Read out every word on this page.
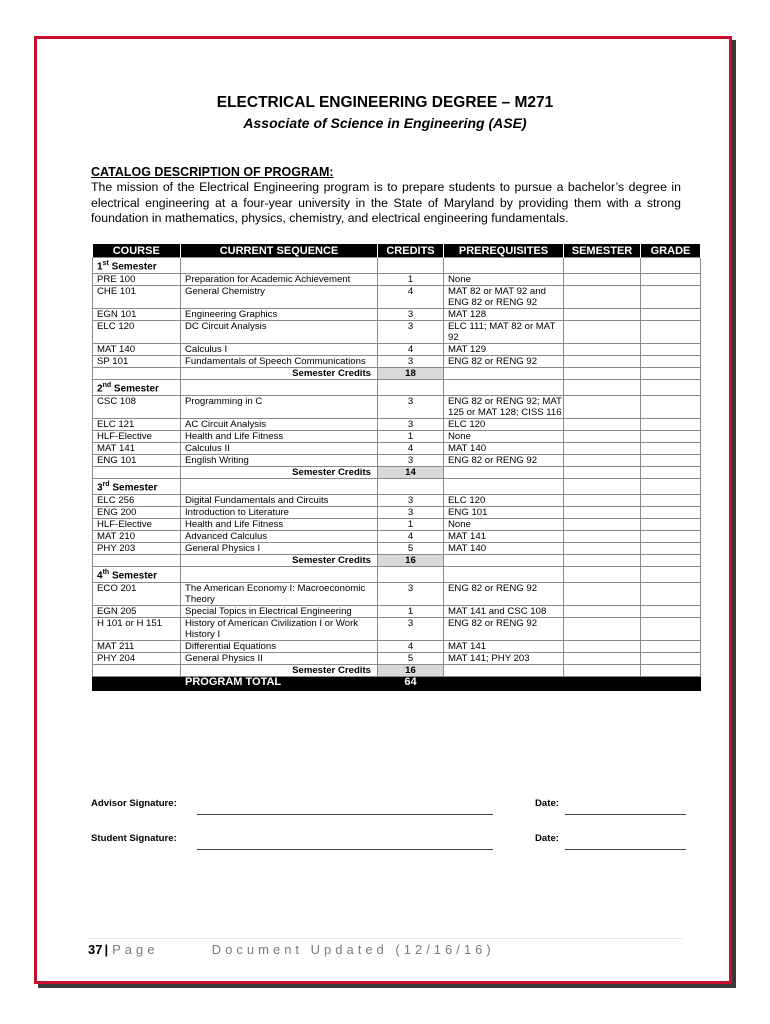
ELECTRICAL ENGINEERING DEGREE – M271
Associate of Science in Engineering (ASE)
CATALOG DESCRIPTION OF PROGRAM:
The mission of the Electrical Engineering program is to prepare students to pursue a bachelor’s degree in electrical engineering at a four-year university in the State of Maryland by providing them with a strong foundation in mathematics, physics, chemistry, and electrical engineering fundamentals.
COURSE	CURRENT SEQUENCE	CREDITS	PREREQUISITES	SEMESTER	GRADE
1st Semester					
PRE 100	Preparation for Academic Achievement	1	None		
CHE 101	General Chemistry	4	MAT 82 or MAT 92 and ENG 82 or RENG 92		
EGN 101	Engineering Graphics	3	MAT 128		
ELC 120	DC Circuit Analysis	3	ELC 111; MAT 82 or MAT 92		
MAT 140	Calculus I	4	MAT 129		
SP 101	Fundamentals of Speech Communications	3	ENG 82 or RENG 92		
	Semester Credits	18			
2nd Semester					
CSC 108	Programming in C	3	ENG 82 or RENG 92; MAT 125 or MAT 128; CISS 116		
ELC 121	AC Circuit Analysis	3	ELC 120		
HLF-Elective	Health and Life Fitness	1	None		
MAT 141	Calculus II	4	MAT 140		
ENG 101	English Writing	3	ENG 82 or RENG 92		
	Semester Credits	14			
3rd Semester					
ELC 256	Digital Fundamentals and Circuits	3	ELC 120		
ENG 200	Introduction to Literature	3	ENG 101		
HLF-Elective	Health and Life Fitness	1	None		
MAT 210	Advanced Calculus	4	MAT 141		
PHY 203	General Physics I	5	MAT 140		
	Semester Credits	16			
4th Semester					
ECO 201	The American Economy I: Macroeconomic Theory	3	ENG 82 or RENG 92		
EGN 205	Special Topics in Electrical Engineering	1	MAT 141 and CSC 108		
H 101 or H 151	History of American Civilization I or Work History I	3	ENG 82 or RENG 92		
MAT 211	Differential Equations	4	MAT 141		
PHY 204	General Physics II	5	MAT 141; PHY 203		
	Semester Credits	16			
	PROGRAM TOTAL	64			
Advisor Signature:	Date:
Student Signature:	Date:
37 | Page	Document Updated (12/16/16)
